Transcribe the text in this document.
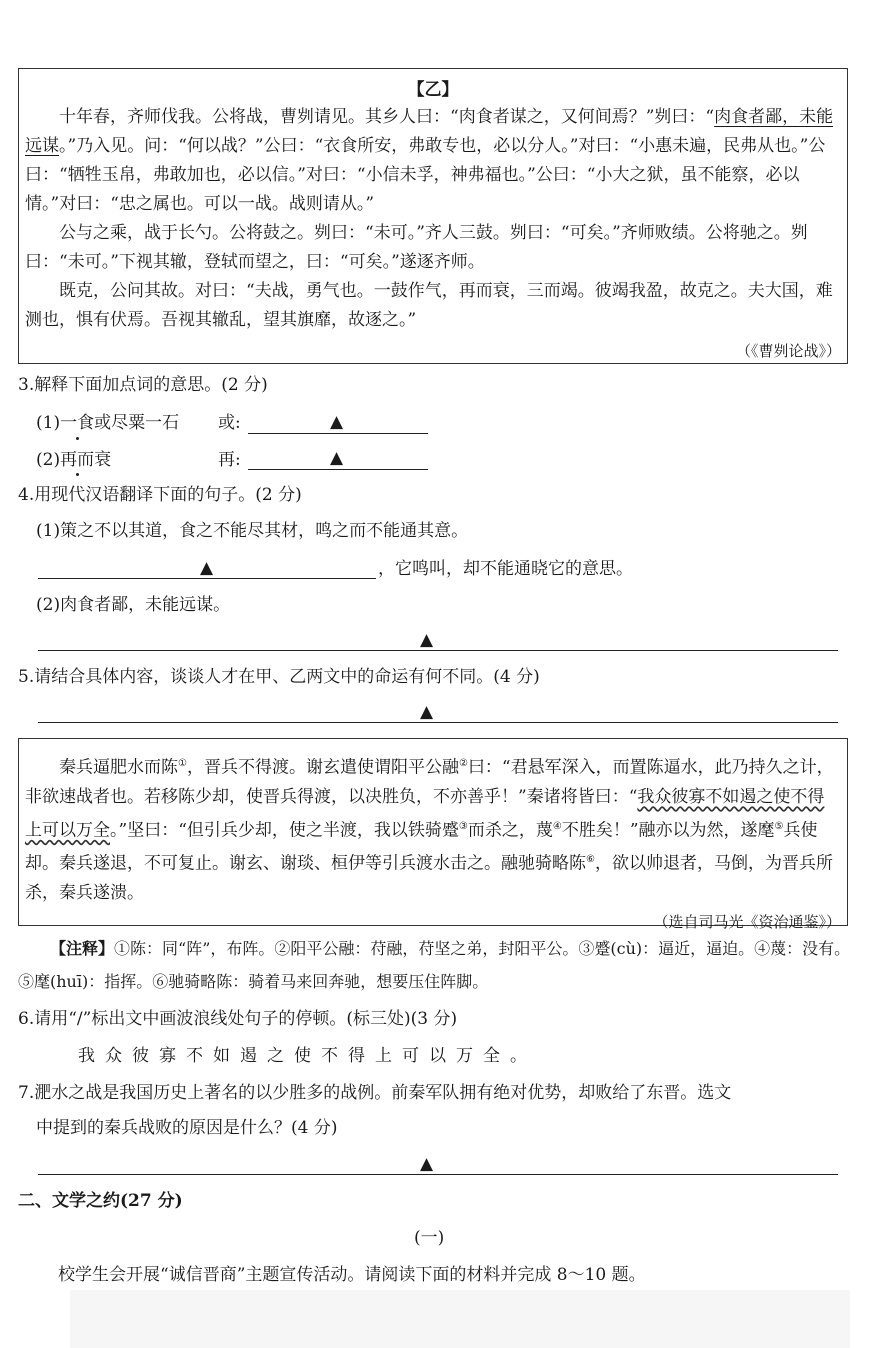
【乙】

十年春，齐师伐我。公将战，曹刿请见。其乡人曰：“肉食者谋之，又何间焉？”刿曰：“肉食者鄙，未能远谋。”乃入见。问：“何以战？”公曰：“衣食所安，弗敢专也，必以分人。”对曰：“小惠未遍，民弗从也。”公曰：“牺牲玉帛，弗敢加也，必以信。”对曰：“小信未孚，神弗福也。”公曰：“小大之狱，虽不能察，必以情。”对曰：“忠之属也。可以一战。战则请从。”

公与之乘，战于长勺。公将鼓之。刿曰：“未可。”齐人三鼓。刿曰：“可矣。”齐师败绩。公将驰之。刿曰：“未可。”下视其辙，登轼而望之，曰：“可矣。”遂逐齐师。

既克，公问其故。对曰：“夫战，勇气也。一鼓作气，再而衰，三而竭。彼竭我盈，故克之。夫大国，难测也，惧有伏焉。吾视其辙乱，望其旗靡，故逐之。”

（《曹刿论战》）
3.解释下面加点词的意思。(2 分)
(1)一食或尽粟一石 或:	▲
(2)再而衰	再:	▲
4.用现代汉语翻译下面的句子。(2 分)
(1)策之不以其道，食之不能尽其材，鸣之而不能通其意。
▲	，它鸣叫，却不能通晓它的意思。
(2)肉食者鄙，未能远谋。
▲
5.请结合具体内容，谈谈人才在甲、乙两文中的命运有何不同。(4 分)
▲

秦兵逼肥水而陈①，晋兵不得渡。谢玄遣使谓阳平公融②曰：“君悬军深入，而置陈逼水，此乃持久之计，非欲速战者也。若移陈少却，使晋兵得渡，以决胜负，不亦善乎！”秦诸将皆曰：“我众彼寡不如遏之使不得上可以万全。”坚曰：“但引兵少却，使之半渡，我以铁骑蹙③而杀之，蔑④不胜矣！”融亦以为然，遂麾⑤兵使却。秦兵遂退，不可复止。谢玄、谢琰、桓伊等引兵渡水击之。融驰骑略陈⑥，欲以帅退者，马倒，为晋兵所杀，秦兵遂溃。

（选自司马光《资治通鉴》）
【注释】①陈：同“阵”，布阵。②阳平公融：苻融，苻坚之弟，封阳平公。③蹙(cù)：逼近，逼迫。④蔑：没有。⑤麾(huī)：指挥。⑥驰骑略陈：骑着马来回奔驰，想要压住阵脚。
6.请用“/”标出文中画波浪线处句子的停顿。(标三处)(3 分)
我众彼寡不如遏之使不得上可以万全。
7.淝水之战是我国历史上著名的以少胜多的战例。前秦军队拥有绝对优势，却败给了东晋。选文
中提到的秦兵战败的原因是什么？(4 分)
▲
二、文学之约(27 分)
(一)
校学生会开展“诚信晋商”主题宣传活动。请阅读下面的材料并完成 8～10 题。
